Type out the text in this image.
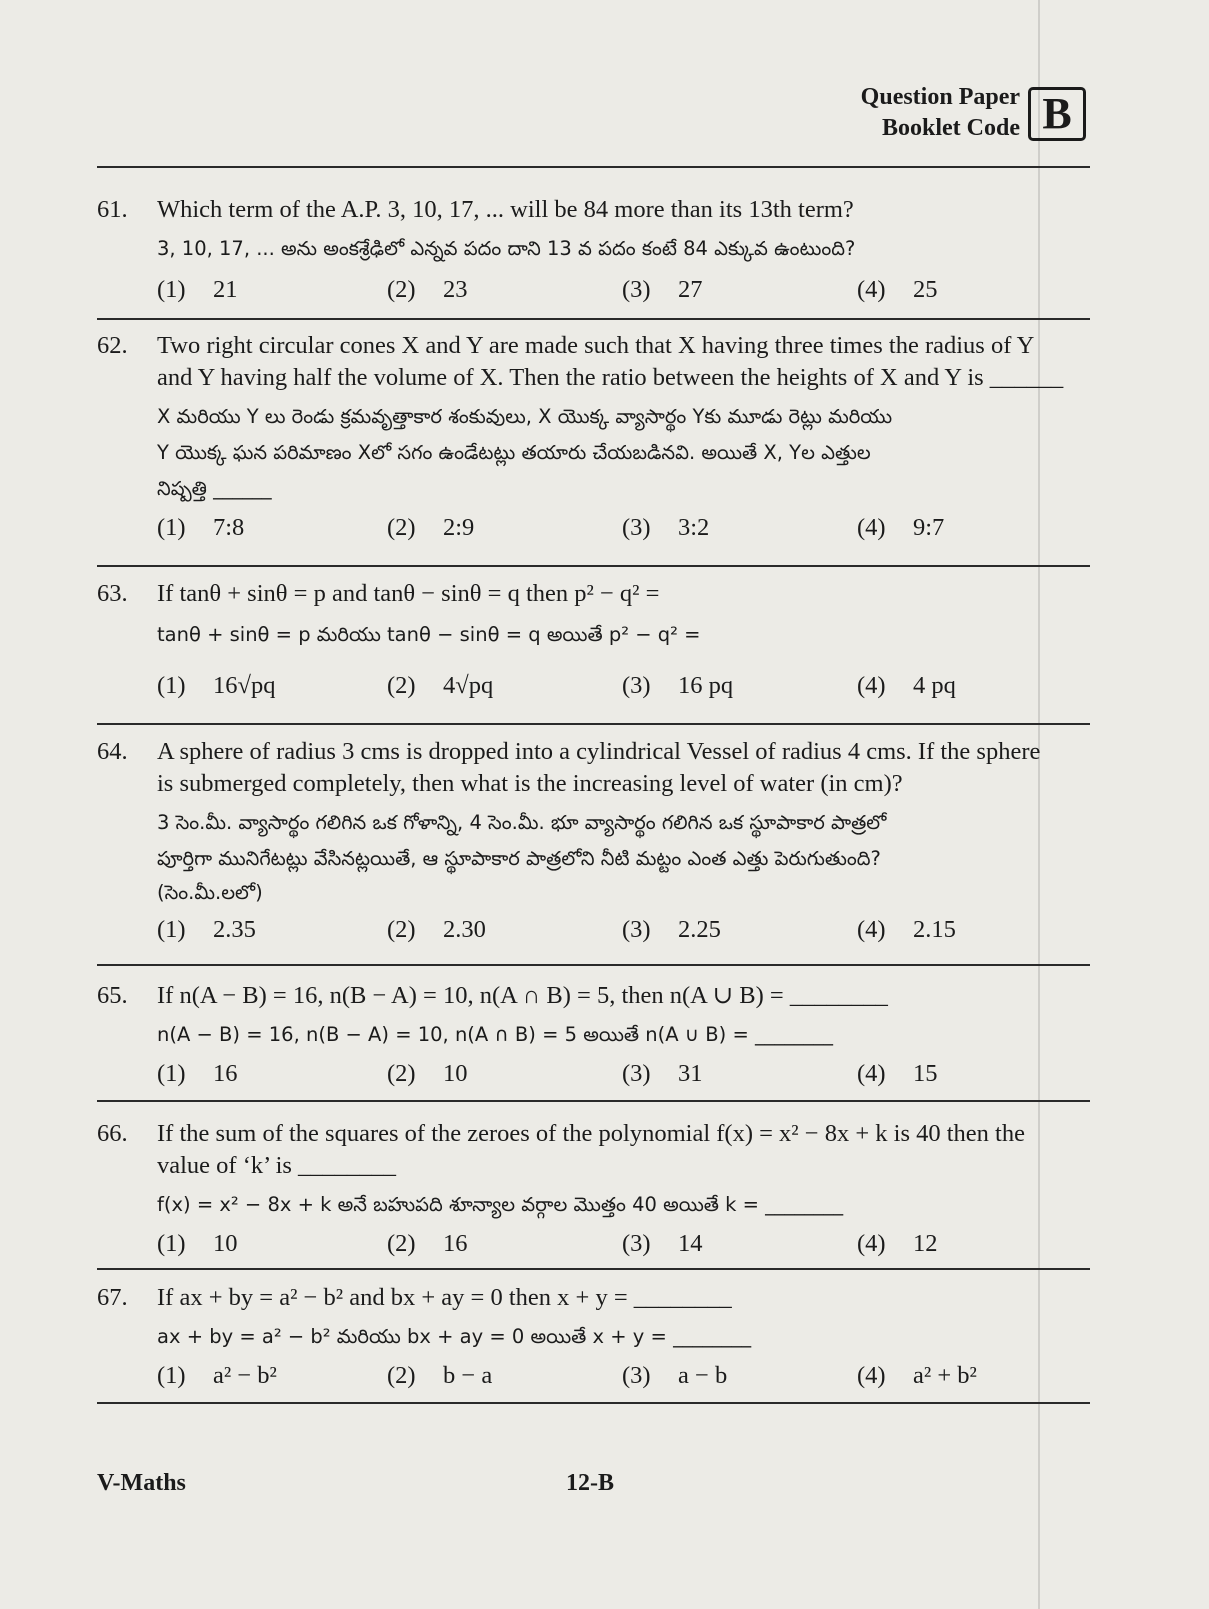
Question Paper
Booklet Code B
61. Which term of the A.P. 3, 10, 17, ... will be 84 more than its 13th term?
3, 10, 17, ... అను అంకశ్రేఢిలో ఎన్నవ పదం దాని 13 వ పదం కంటే 84 ఎక్కువ ఉంటుంది?
(1) 21	(2) 23	(3) 27	(4) 25
62. Two right circular cones X and Y are made such that X having three times the radius of Y
and Y having half the volume of X. Then the ratio between the heights of X and Y is ______
X మరియు Y లు రెండు క్రమవృత్తాకార శంకువులు, X యొక్క వ్యాసార్థం Yకు మూడు రెట్లు మరియు
Y యొక్క ఘన పరిమాణం Xలో సగం ఉండేటట్లు తయారు చేయబడినవి. అయితే X, Yల ఎత్తుల
నిష్పత్తి ______
(1) 7:8	(2) 2:9	(3) 3:2	(4) 9:7
63. If tanθ + sinθ = p and tanθ − sinθ = q then p² − q² =
tanθ + sinθ = p మరియు tanθ − sinθ = q అయితే p² − q² =
(1) 16√pq	(2) 4√pq	(3) 16 pq	(4) 4 pq
64. A sphere of radius 3 cms is dropped into a cylindrical Vessel of radius 4 cms. If the sphere
is submerged completely, then what is the increasing level of water (in cm)?
3 సెం.మీ. వ్యాసార్థం గలిగిన ఒక గోళాన్ని, 4 సెం.మీ. భూ వ్యాసార్థం గలిగిన ఒక స్థూపాకార పాత్రలో
పూర్తిగా మునిగేటట్లు వేసినట్లయితే, ఆ స్థూపాకార పాత్రలోని నీటి మట్టం ఎంత ఎత్తు పెరుగుతుంది?
(సెం.మీ.లలో)
(1) 2.35	(2) 2.30	(3) 2.25	(4) 2.15
65. If n(A − B) = 16, n(B − A) = 10, n(A ∩ B) = 5, then n(A ∪ B) = ________
n(A − B) = 16, n(B − A) = 10, n(A ∩ B) = 5 అయితే n(A ∪ B) = ________
(1) 16	(2) 10	(3) 31	(4) 15
66. If the sum of the squares of the zeroes of the polynomial f(x) = x² − 8x + k is 40 then the
value of ‘k’ is ________
f(x) = x² − 8x + k అనే బహుపది శూన్యాల వర్గాల మొత్తం 40 అయితే k = ________
(1) 10	(2) 16	(3) 14	(4) 12
67. If ax + by = a² − b² and bx + ay = 0 then x + y = ________
ax + by = a² − b² మరియు bx + ay = 0 అయితే x + y = ________
(1) a² − b²	(2) b − a	(3) a − b	(4) a² + b²
V-Maths	12-B
